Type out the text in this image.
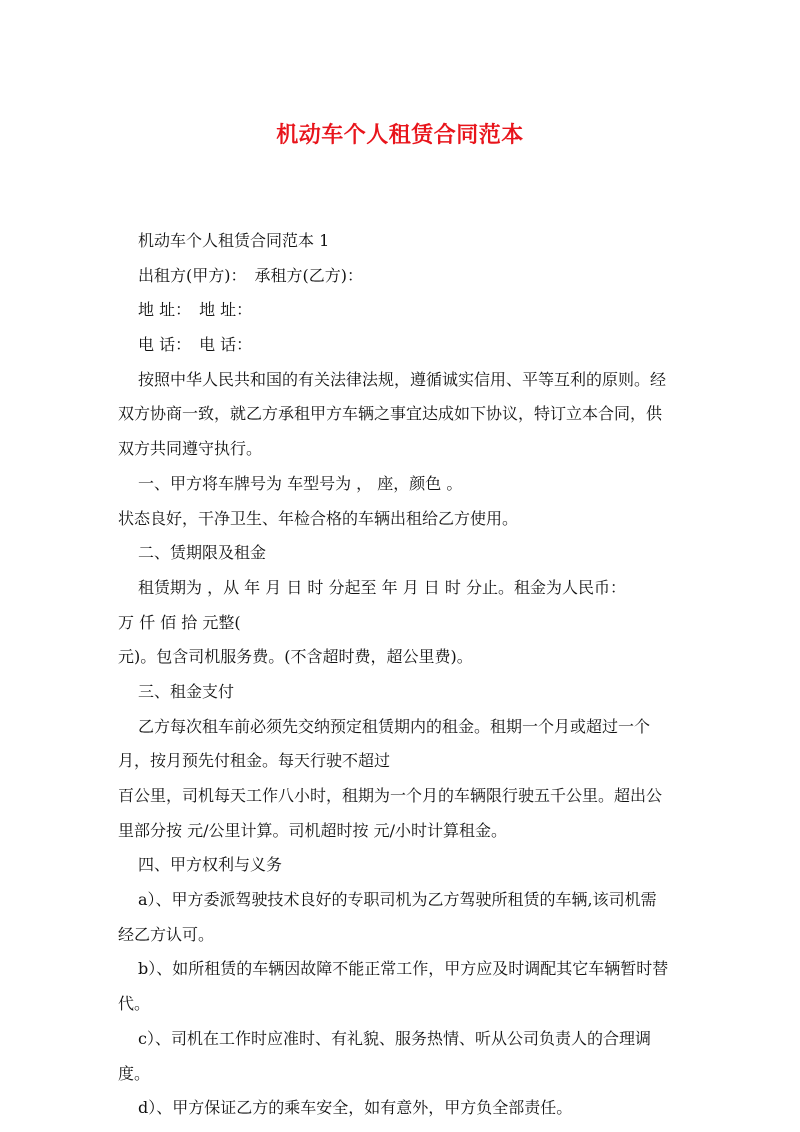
机动车个人租赁合同范本
机动车个人租赁合同范本 1
出租方(甲方)：　承租方(乙方)：
地 址：　地 址：
电 话：　电 话：
按照中华人民共和国的有关法律法规，遵循诚实信用、平等互利的原则。经
双方协商一致，就乙方承租甲方车辆之事宜达成如下协议，特订立本合同，供
双方共同遵守执行。
一、甲方将车牌号为 车型号为 ， 座，颜色 。
状态良好，干净卫生、年检合格的车辆出租给乙方使用。
二、赁期限及租金
租赁期为 ，从 年 月 日 时 分起至 年 月 日 时 分止。租金为人民币：
万 仟 佰 拾 元整(
元)。包含司机服务费。(不含超时费，超公里费)。
三、租金支付
乙方每次租车前必须先交纳预定租赁期内的租金。租期一个月或超过一个
月，按月预先付租金。每天行驶不超过
百公里，司机每天工作八小时，租期为一个月的车辆限行驶五千公里。超出公
里部分按 元/公里计算。司机超时按 元/小时计算租金。
四、甲方权利与义务
a）、甲方委派驾驶技术良好的专职司机为乙方驾驶所租赁的车辆,该司机需
经乙方认可。
b）、如所租赁的车辆因故障不能正常工作，甲方应及时调配其它车辆暂时替
代。
c）、司机在工作时应准时、有礼貌、服务热情、听从公司负责人的合理调
度。
d）、甲方保证乙方的乘车安全，如有意外，甲方负全部责任。
